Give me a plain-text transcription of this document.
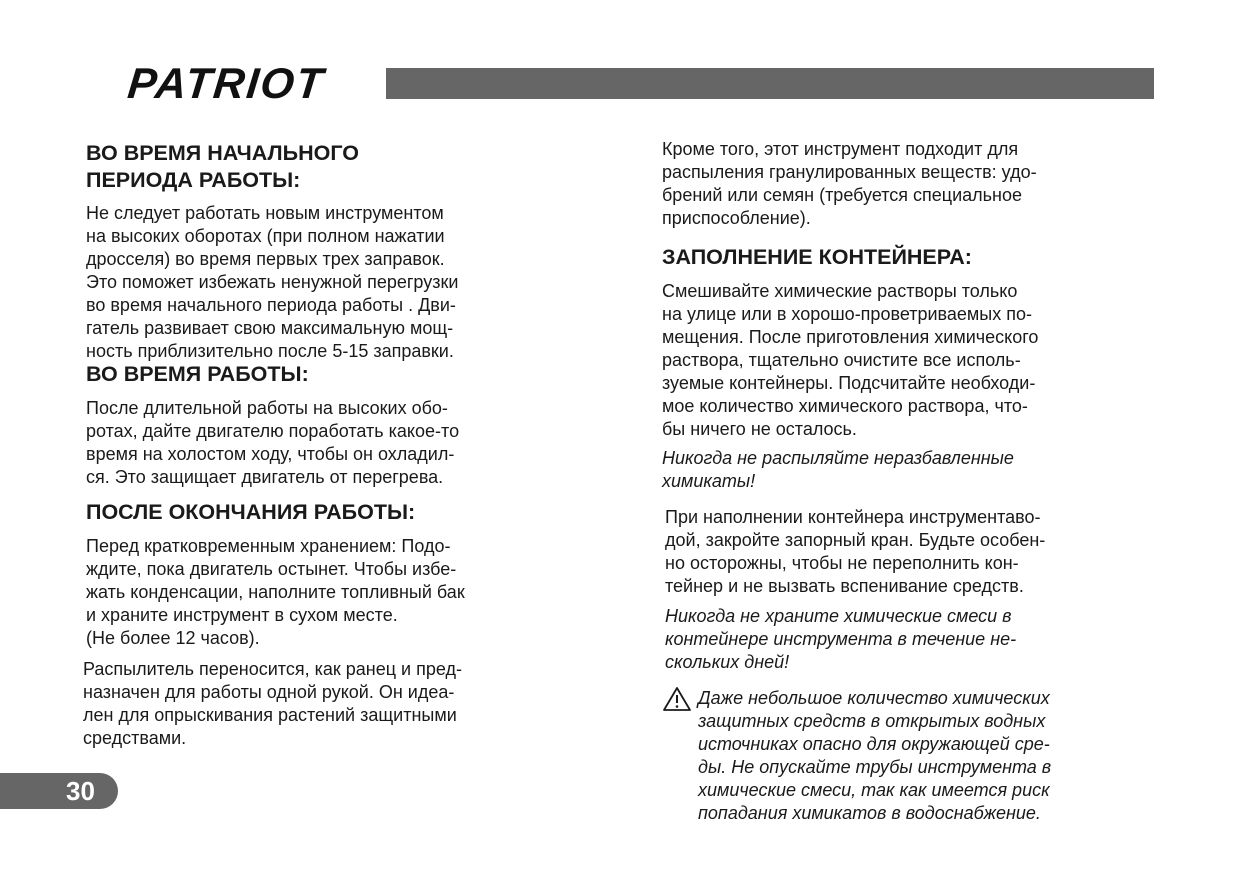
PATRIOT
ВО ВРЕМЯ НАЧАЛЬНОГО
ПЕРИОДА РАБОТЫ:

Не следует работать новым инструментом
на высоких оборотах (при полном нажатии
дросселя) во время первых трех заправок.
Это поможет избежать ненужной перегрузки
во время начального периода работы . Дви-
гатель развивает свою максимальную мощ-
ность приблизительно после 5-15 заправки.

ВО ВРЕМЯ РАБОТЫ:

После длительной работы на высоких обо-
ротах, дайте двигателю поработать какое-то
время на холостом ходу, чтобы он охладил-
ся. Это защищает двигатель от перегрева.

ПОСЛЕ ОКОНЧАНИЯ РАБОТЫ:

Перед кратковременным хранением: Подо-
ждите, пока двигатель остынет. Чтобы избе-
жать конденсации, наполните топливный бак
и храните инструмент в сухом месте.
(Не более 12 часов).

Распылитель переносится, как ранец и пред-
назначен для работы одной рукой. Он идеа-
лен для опрыскивания растений защитными
средствами.

Кроме того, этот инструмент подходит для
распыления гранулированных веществ: удо-
брений или семян (требуется специальное
приспособление).

ЗАПОЛНЕНИЕ КОНТЕЙНЕРА:

Смешивайте химические растворы только
на улице или в хорошо-проветриваемых по-
мещения. После приготовления химического
раствора, тщательно очистите все исполь-
зуемые контейнеры. Подсчитайте необходи-
мое количество химического раствора, что-
бы ничего не осталось.

Никогда не распыляйте неразбавленные
химикаты!

При наполнении контейнера инструментаво-
дой, закройте запорный кран. Будьте особен-
но осторожны, чтобы не переполнить кон-
тейнер и не вызвать вспенивание средств.

Никогда не храните химические смеси в
контейнере инструмента в течение не-
скольких дней!

Даже небольшое количество химических
защитных средств в открытых водных
источниках опасно для окружающей сре-
ды. Не опускайте трубы инструмента в
химические смеси, так как имеется риск
попадания химикатов в водоснабжение.

30
